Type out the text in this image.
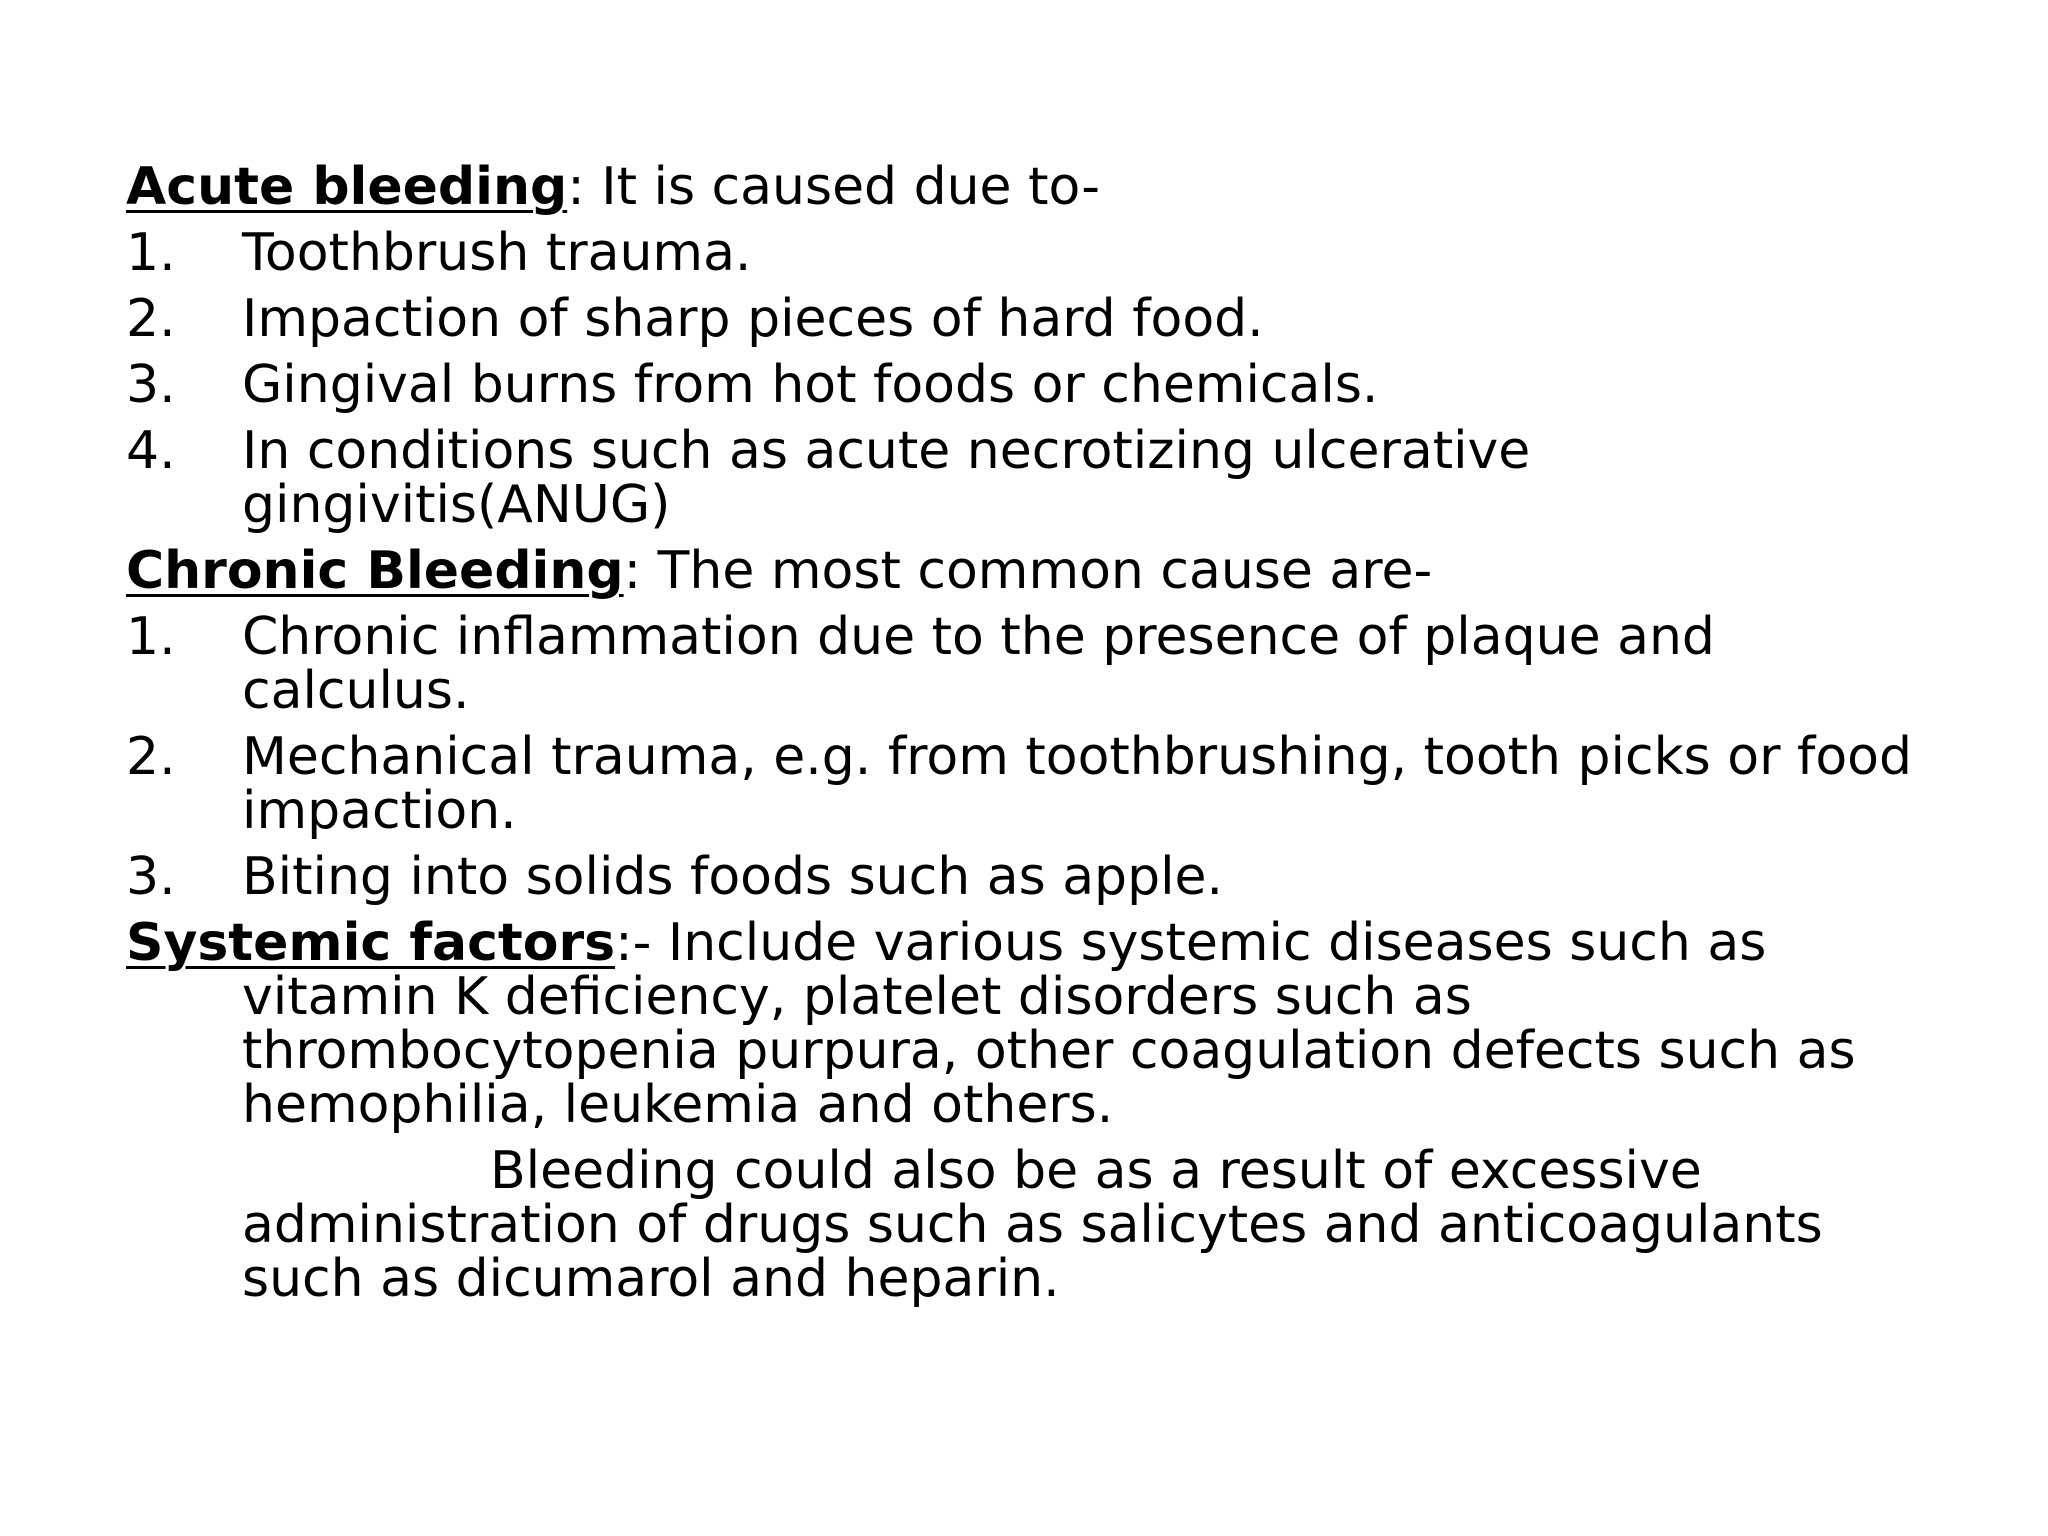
Acute bleeding: It is caused due to-

1.	Toothbrush trauma.
2.	Impaction of sharp pieces of hard food.
3.	Gingival burns from hot foods or chemicals.
4.	In conditions such as acute necrotizing ulcerative gingivitis(ANUG)

Chronic Bleeding: The most common cause are-

1.	Chronic inflammation due to the presence of plaque and calculus.
2.	Mechanical trauma, e.g. from toothbrushing, tooth picks or food impaction.
3.	Biting into solids foods such as apple.

Systemic factors:- Include various systemic diseases such as vitamin K deficiency, platelet disorders such as thrombocytopenia purpura, other coagulation defects such as hemophilia, leukemia and others.

Bleeding could also be as a result of excessive administration of drugs such as salicytes and anticoagulants such as dicumarol and heparin.
